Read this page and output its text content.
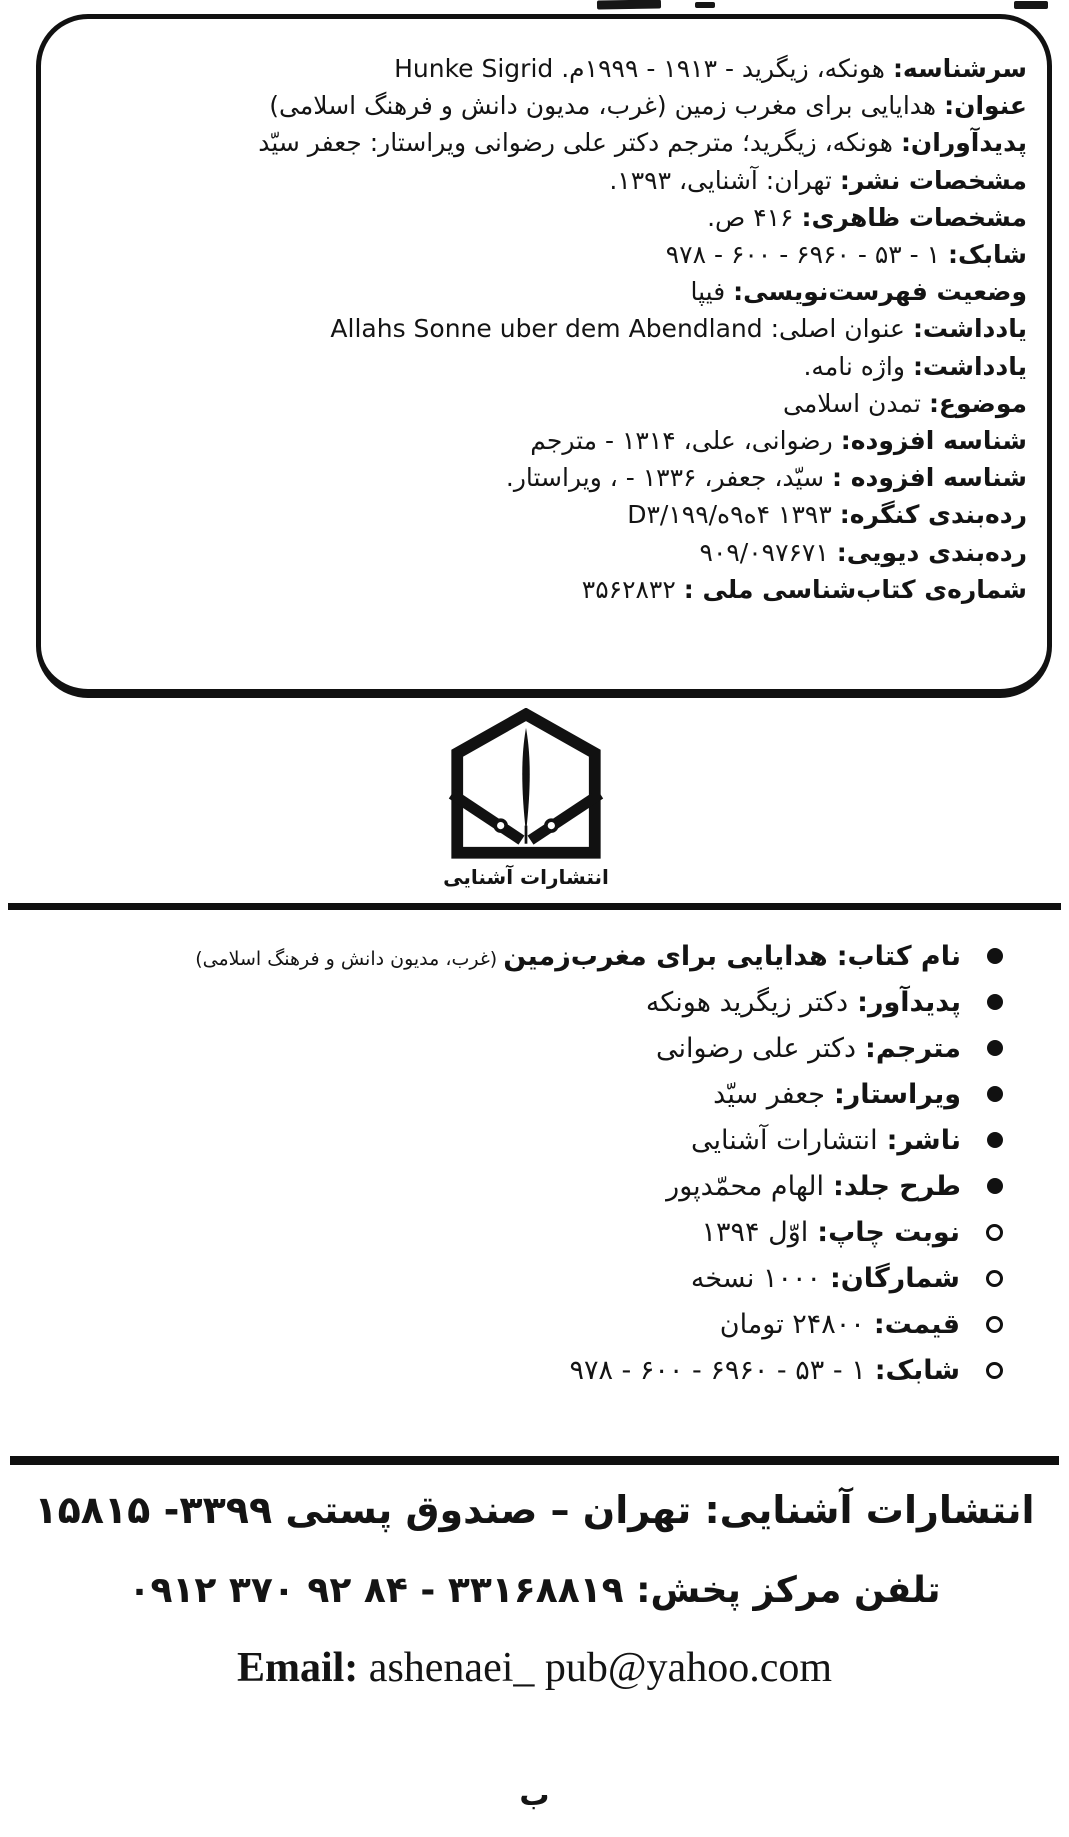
سرشناسه:هونکه، زیگرید - ۱۹۱۳ - ۱۹۹۹م. Hunke Sigrid
عنوان:هدایایی برای مغرب زمین (غرب، مدیون دانش و فرهنگ اسلامی)
پدیدآوران:هونکه، زیگرید؛ مترجم دکتر علی رضوانی ویراستار: جعفر سیّد
مشخصات نشر:تهران: آشنایی، ۱۳۹۳.
مشخصات ظاهری:۴۱۶ ص.
شابک:۱ - ۵۳ - ۶۹۶۰ - ۶۰۰ - ۹۷۸
وضعیت فهرست‌نویسی:فیپا
یادداشت:عنوان اصلی: Allahs Sonne uber dem Abendland
یادداشت:واژه نامه.
موضوع:تمدن اسلامی
شناسه افزوده:رضوانی، علی، ۱۳۱۴ - مترجم
شناسه افزوده :سیّد، جعفر، ۱۳۳۶ - ، ویراستار.
رده‌بندی کنگره:D۳/۱۹۹/ه۹ه۴ ۱۳۹۳
رده‌بندی دیویی:۹۰۹/۰۹۷۶۷۱
شماره‌ی کتاب‌شناسی ملی :۳۵۶۲۸۳۲
انتشارات آشنایی
نام کتاب:هدایایی برای مغرب‌زمین(غرب، مدیون دانش و فرهنگ اسلامی)
پدیدآور:دکتر زیگرید هونکه
مترجم:دکتر علی رضوانی
ویراستار:جعفر سیّد
ناشر:انتشارات آشنایی
طرح جلد:الهام محمّدپور
نوبت چاپ:اوّل ۱۳۹۴
شمارگان:۱۰۰۰ نسخه
قیمت:۲۴۸۰۰ تومان
شابک:۱ - ۵۳ - ۶۹۶۰ - ۶۰۰ - ۹۷۸
انتشارات آشنایی: تهران – صندوق پستی ۳۳۹۹- ۱۵۸۱۵
تلفن مرکز پخش: ۳۳۱۶۸۸۱۹ - ۸۴ ۹۲ ۳۷۰ ۰۹۱۲
Email: ashenaei_ pub@yahoo.com
ب
